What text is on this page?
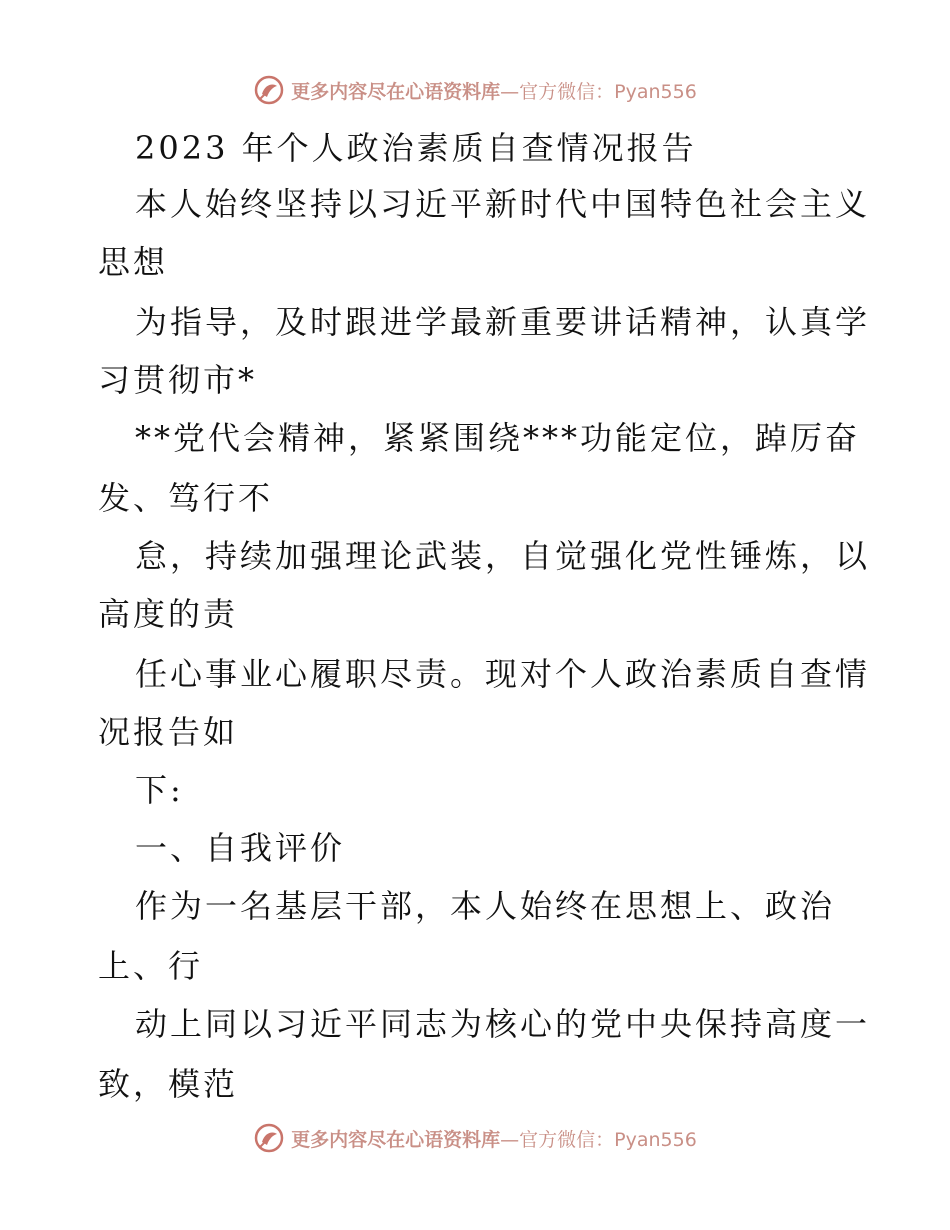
更多内容尽在心语资料库—官方微信：Pyan556
2023 年个人政治素质自查情况报告
本人始终坚持以习近平新时代中国特色社会主义
思想
为指导，及时跟进学最新重要讲话精神，认真学
习贯彻市*
**党代会精神，紧紧围绕***功能定位，踔厉奋
发、笃行不
怠，持续加强理论武装，自觉强化党性锤炼，以
高度的责
任心事业心履职尽责。现对个人政治素质自查情
况报告如
下:
一、自我评价
作为一名基层干部，本人始终在思想上、政治
上、行
动上同以习近平同志为核心的党中央保持高度一
致，模范
更多内容尽在心语资料库—官方微信：Pyan556
